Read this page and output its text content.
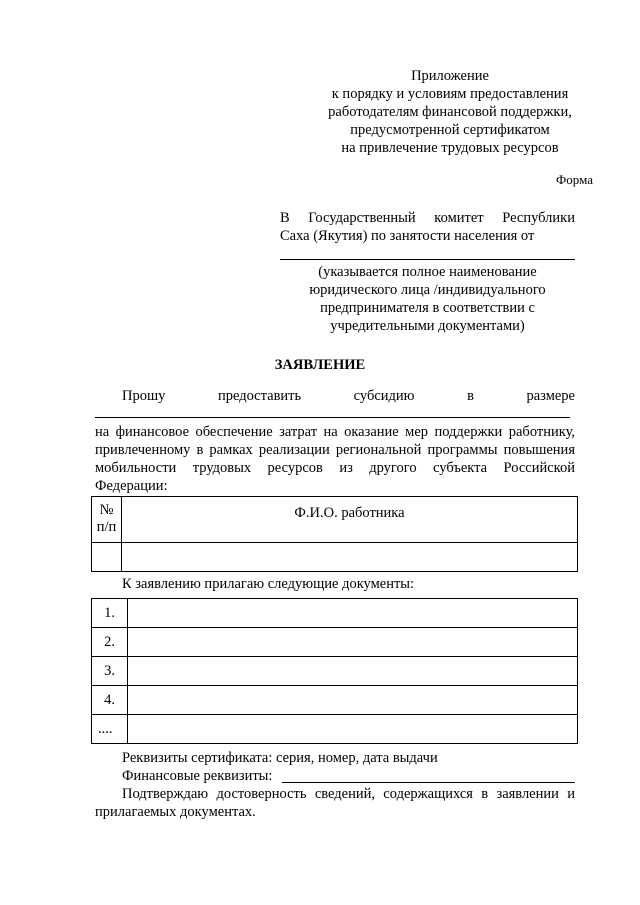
Приложение
к порядку и условиям предоставления
работодателям финансовой поддержки,
предусмотренной сертификатом
на привлечение трудовых ресурсов
Форма
В Государственный комитет Республики
Саха (Якутия) по занятости населения от
(указывается полное наименование
юридического лица /индивидуального
предпринимателя в соответствии с
учредительными документами)
ЗАЯВЛЕНИЕ
Прошу	предоставить	субсидию	в	размере
на финансовое обеспечение затрат на оказание мер поддержки работнику,
привлеченному в рамках реализации региональной программы повышения
мобильности трудовых ресурсов из другого субъекта Российской
Федерации:
№
п/п	Ф.И.О. работника

К заявлению прилагаю следующие документы:
1.	
2.	
3.	
4.	
....	
Реквизиты сертификата: серия, номер, дата выдачи
Финансовые реквизиты:
Подтверждаю достоверность сведений, содержащихся в заявлении и
прилагаемых документах.
